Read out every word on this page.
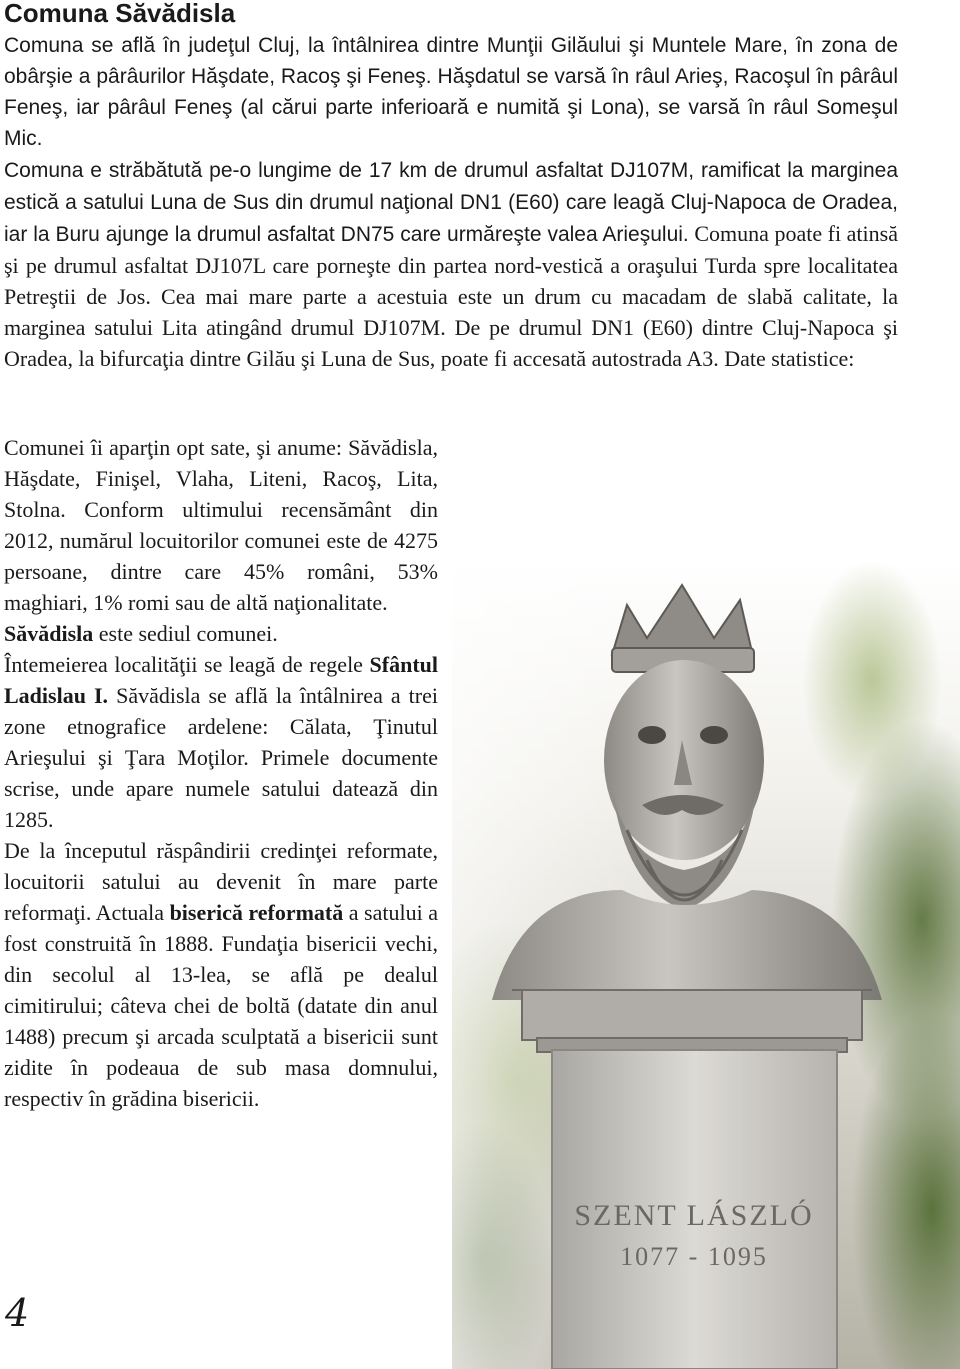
Comuna Săvădisla

Comuna se află în judeţul Cluj, la întâlnirea dintre Munţii Gilăului şi Muntele Mare, în zona de obârşie a pârâurilor Hăşdate, Racoş şi Feneş. Hăşdatul se varsă în râul Arieş, Racoşul în pârâul Feneş, iar pârâul Feneş (al cărui parte inferioară e numită şi Lona), se varsă în râul Someşul Mic.

Comuna e străbătută pe-o lungime de 17 km de drumul asfaltat DJ107M, ramificat la marginea estică a satului Luna de Sus din drumul naţional DN1 (E60) care leagă Cluj-Napoca de Oradea, iar la Buru ajunge la drumul asfaltat DN75 care urmăreşte valea Arieşului. Comuna poate fi atinsă şi pe drumul asfaltat DJ107L care porneşte din partea nord-vestică a oraşului Turda spre localitatea Petreştii de Jos. Cea mai mare parte a acestuia este un drum cu macadam de slabă calitate, la marginea satului Lita atingând drumul DJ107M. De pe drumul DN1 (E60) dintre Cluj-Napoca şi Oradea, la bifurcaţia dintre Gilău şi Luna de Sus, poate fi accesată autostrada A3. Date statistice:

Comunei îi aparţin opt sate, şi anume: Săvădisla, Hăşdate, Finişel, Vlaha, Liteni, Racoş, Lita, Stolna. Conform ultimului recensământ din 2012, numărul locuitorilor comunei este de 4275 persoane, dintre care 45% români, 53% maghiari, 1% romi sau de altă naţionalitate.

Săvădisla este sediul comunei.

Întemeierea localităţii se leagă de regele Sfântul Ladislau I. Săvădisla se află la întâlnirea a trei zone etnografice ardelene: Călata, Ţinutul Arieşului şi Ţara Moţilor. Primele documente scrise, unde apare numele satului datează din 1285.

De la începutul răspândirii credinţei reformate, locuitorii satului au devenit în mare parte reformaţi. Actuala biserică reformată a satului a fost construită în 1888. Fundaţia bisericii vechi, din secolul al 13-lea, se află pe dealul cimitirului; câteva chei de boltă (datate din anul 1488) precum şi arcada sculptată a bisericii sunt zidite în podeaua de sub masa domnului, respectiv în grădina bisericii.

4
SZENT LÁSZLÓ
1077 - 1095
